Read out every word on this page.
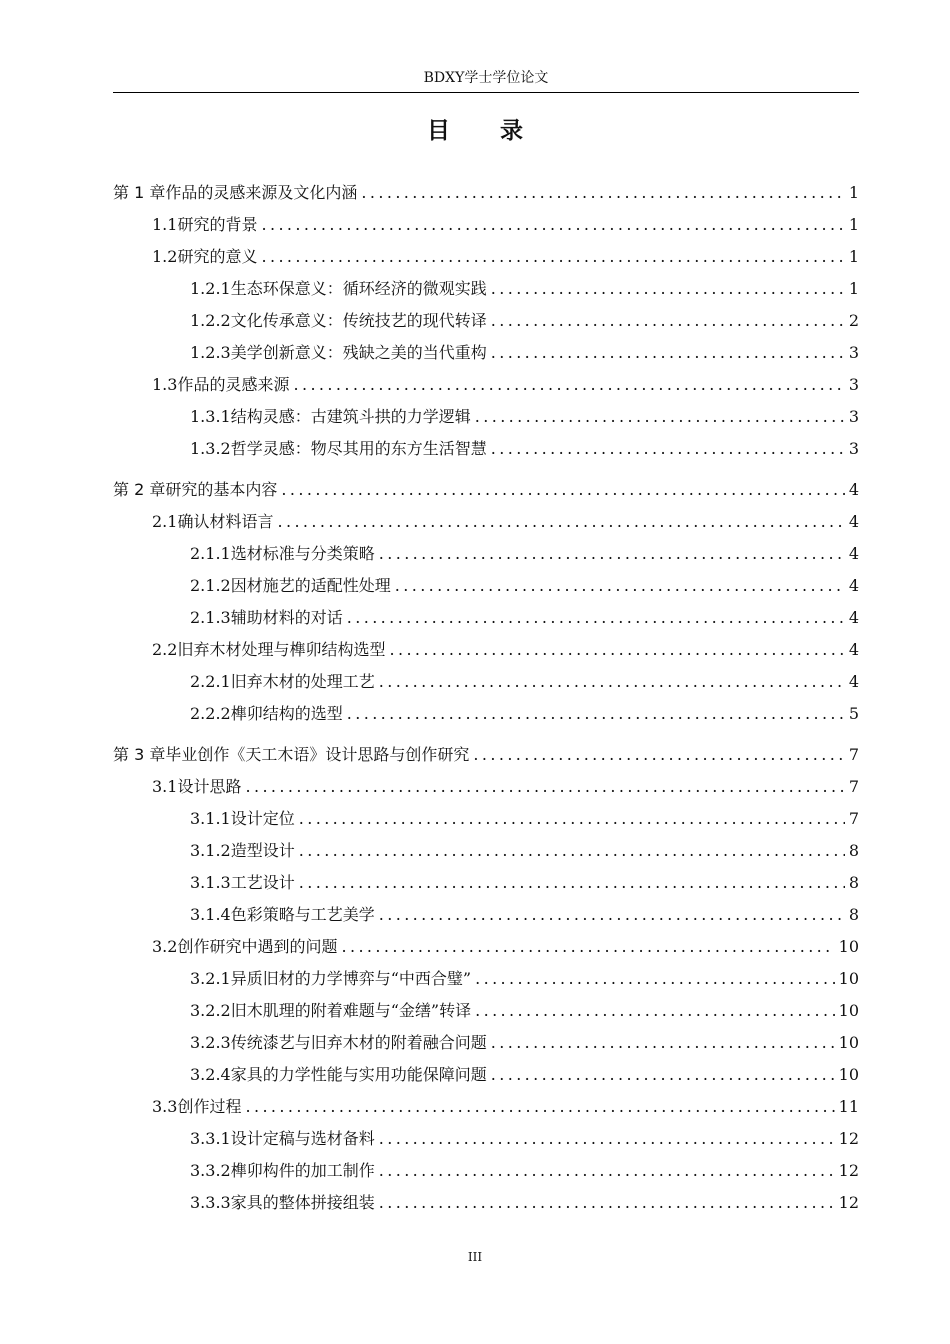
BDXY学士学位论文
目录
第 1 章 作品的灵感来源及文化内涵 .....	1
1.1 研究的背景 .....	1
1.2 研究的意义 .....	1
1.2.1 生态环保意义：循环经济的微观实践 .....	1
1.2.2 文化传承意义：传统技艺的现代转译 .....	2
1.2.3 美学创新意义：残缺之美的当代重构 .....	3
1.3 作品的灵感来源 .....	3
1.3.1 结构灵感：古建筑斗拱的力学逻辑 .....	3
1.3.2 哲学灵感：物尽其用的东方生活智慧 .....	3
第 2 章 研究的基本内容 .....	4
2.1 确认材料语言 .....	4
2.1.1 选材标准与分类策略 .....	4
2.1.2 因材施艺的适配性处理 .....	4
2.1.3 辅助材料的对话 .....	4
2.2 旧弃木材处理与榫卯结构选型 .....	4
2.2.1 旧弃木材的处理工艺 .....	4
2.2.2 榫卯结构的选型 .....	5
第 3 章 毕业创作《天工木语》设计思路与创作研究 .....	7
3.1 设计思路 .....	7
3.1.1 设计定位 .....	7
3.1.2 造型设计 .....	8
3.1.3 工艺设计 .....	8
3.1.4 色彩策略与工艺美学 .....	8
3.2 创作研究中遇到的问题 .....	10
3.2.1 异质旧材的力学博弈与“中西合璧” .....	10
3.2.2 旧木肌理的附着难题与“金缮”转译 .....	10
3.2.3 传统漆艺与旧弃木材的附着融合问题 .....	10
3.2.4 家具的力学性能与实用功能保障问题 .....	10
3.3 创作过程 .....	11
3.3.1 设计定稿与选材备料 .....	12
3.3.2 榫卯构件的加工制作 .....	12
3.3.3 家具的整体拼接组装 .....	12
III
